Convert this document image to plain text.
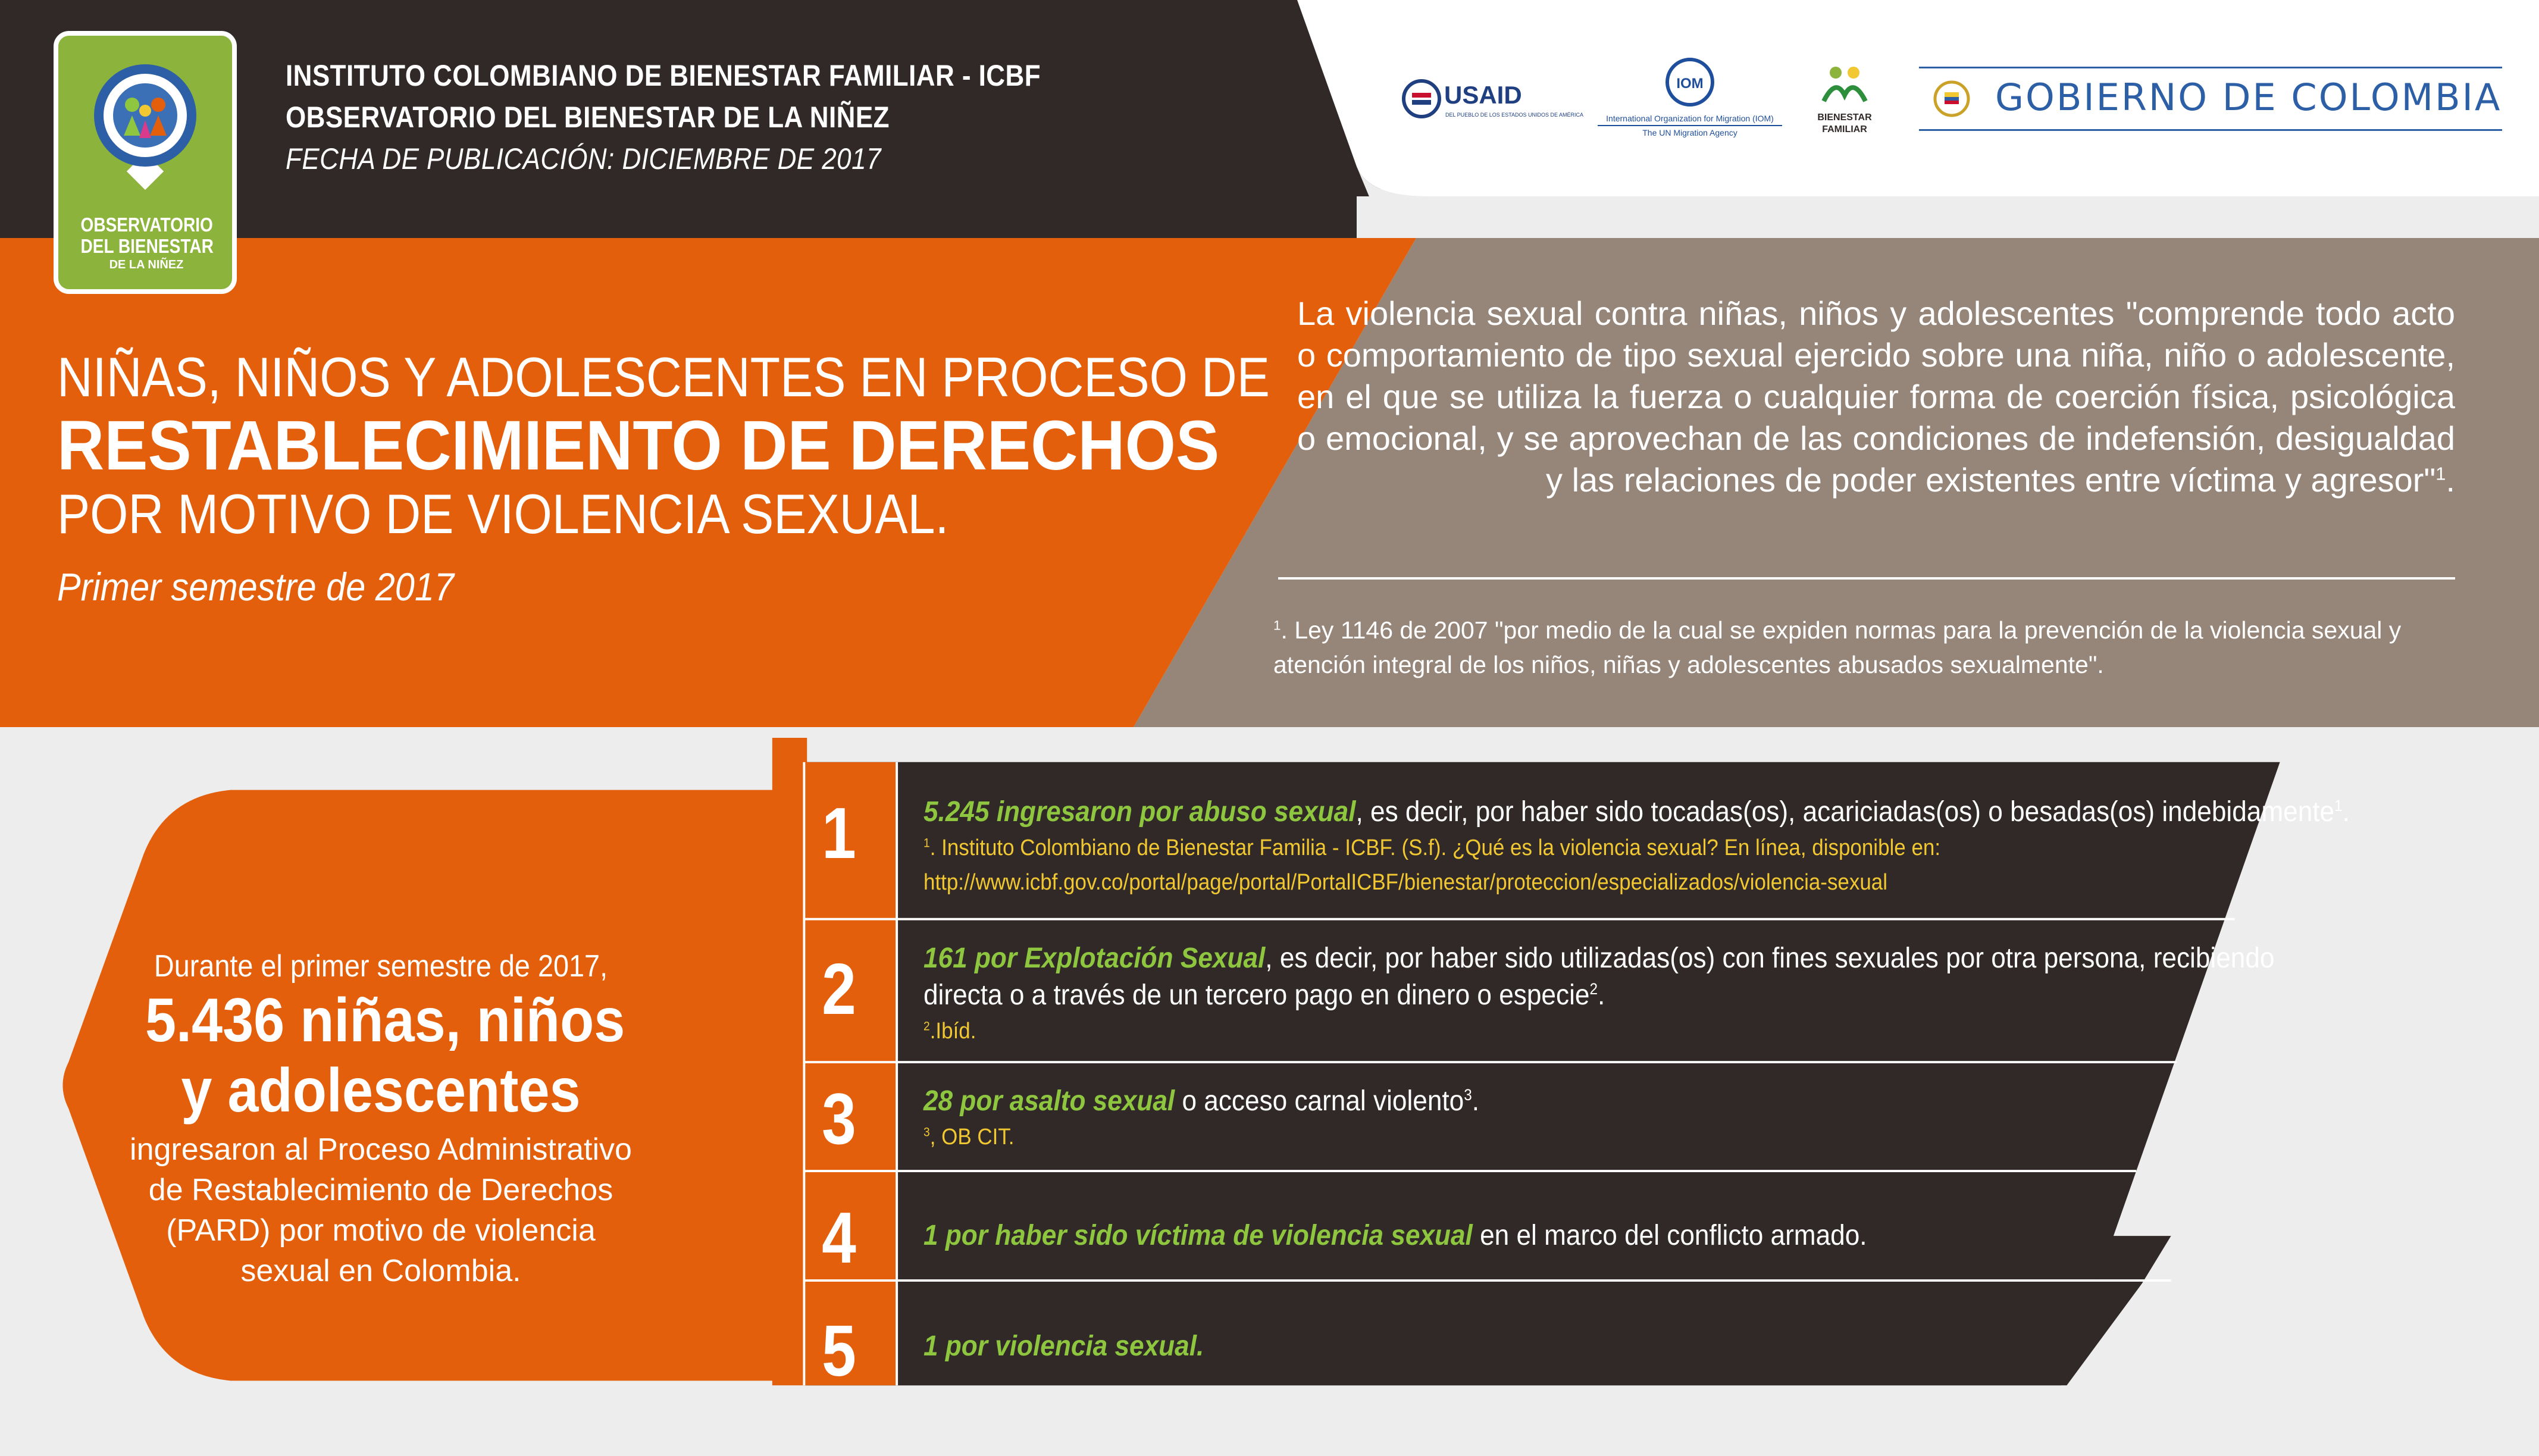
INSTITUTO COLOMBIANO DE BIENESTAR FAMILIAR - ICBF
OBSERVATORIO DEL BIENESTAR DE LA NIÑEZ
FECHA DE PUBLICACIÓN: DICIEMBRE DE 2017
USAID
DEL PUEBLO DE LOS ESTADOS UNIDOS DE AMÉRICA
IOM
International Organization for Migration (IOM)
The UN Migration Agency
BIENESTAR
FAMILIAR
GOBIERNO DE COLOMBIA
OBSERVATORIO
DEL BIENESTAR
DE LA NIÑEZ
NIÑAS, NIÑOS Y ADOLESCENTES EN PROCESO DE
RESTABLECIMIENTO DE DERECHOS
POR MOTIVO DE VIOLENCIA SEXUAL.
Primer semestre de 2017
La violencia sexual contra niñas, niños y adolescentes "comprende todo acto o comportamiento de tipo sexual ejercido sobre una niña, niño o adolescente, en el que se utiliza la fuerza o cualquier forma de coerción física, psicológica o emocional, y se aprovechan de las condiciones de indefensión, desigualdad y las relaciones de poder existentes entre víctima y agresor"$^1$.
$^1$. Ley 1146 de 2007 "por medio de la cual se expiden normas para la prevención de la violencia sexual y atención integral de los niños, niñas y adolescentes abusados sexualmente".
Durante el primer semestre de 2017,
5.436 niñas, niños
y adolescentes
ingresaron al Proceso Administrativo de Restablecimiento de Derechos (PARD) por motivo de violencia sexual en Colombia.
1
2
3
4
5
5.245 ingresaron por abuso sexual, es decir, por haber sido tocadas(os), acariciadas(os) o besadas(os) indebidamente$^1$.
$^1$. Instituto Colombiano de Bienestar Familia - ICBF. (S.f). ¿Qué es la violencia sexual? En línea, disponible en:
http://www.icbf.gov.co/portal/page/portal/PortalICBF/bienestar/proteccion/especializados/violencia-sexual
161 por Explotación Sexual, es decir, por haber sido utilizadas(os) con fines sexuales por otra persona, recibiendo
directa o a través de un tercero pago en dinero o especie$^2$.
$^2$.Ibíd.
28 por asalto sexual o acceso carnal violento$^3$.
$^3$, OB CIT.
1 por haber sido víctima de violencia sexual en el marco del conflicto armado.
1 por violencia sexual.
